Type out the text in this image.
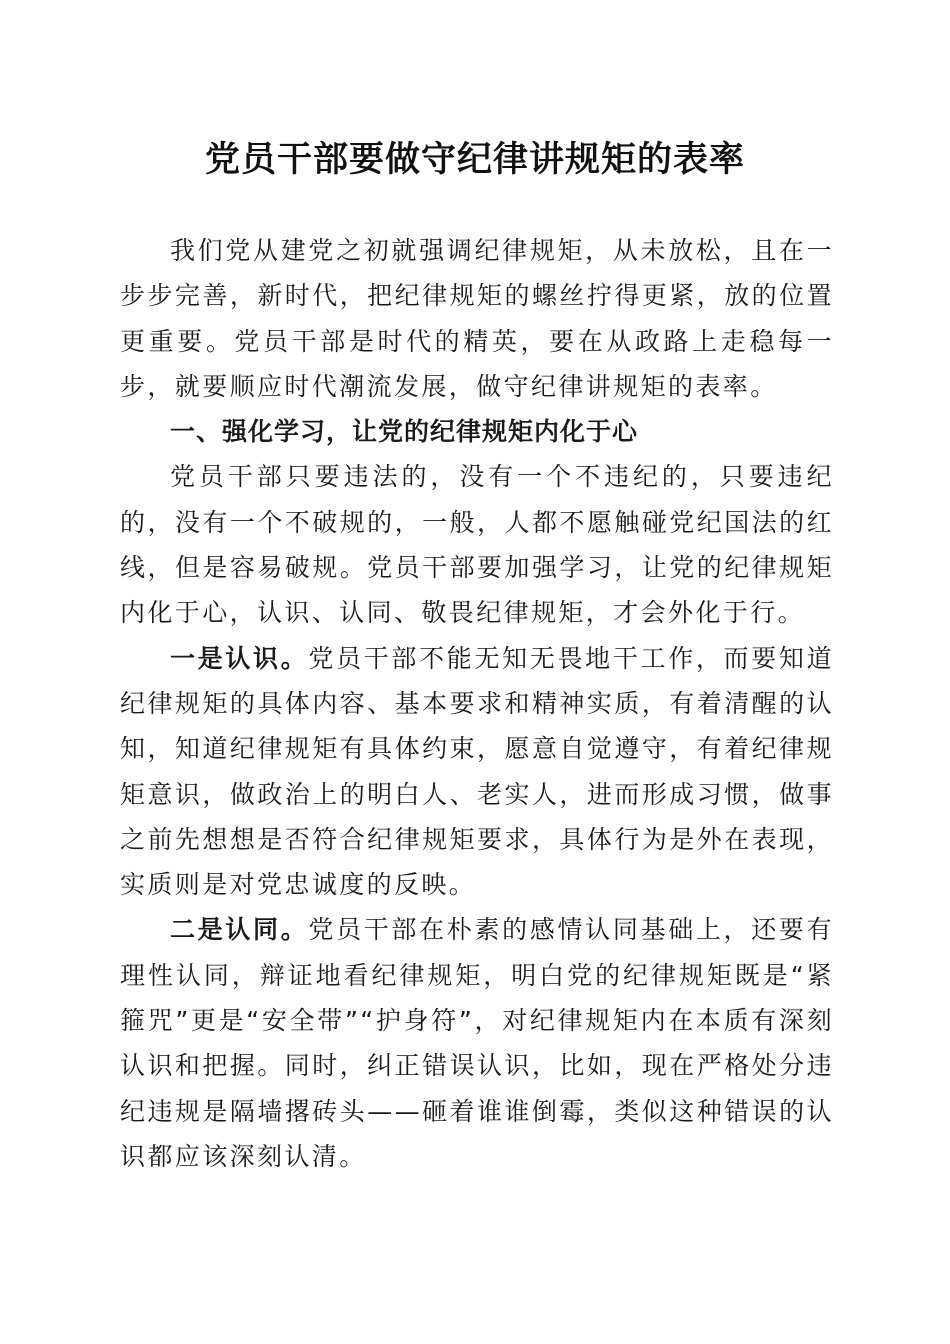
党员干部要做守纪律讲规矩的表率

我们党从建党之初就强调纪律规矩，从未放松，且在一步步完善，新时代，把纪律规矩的螺丝拧得更紧，放的位置更重要。党员干部是时代的精英，要在从政路上走稳每一步，就要顺应时代潮流发展，做守纪律讲规矩的表率。

一、强化学习，让党的纪律规矩内化于心

党员干部只要违法的，没有一个不违纪的，只要违纪的，没有一个不破规的，一般，人都不愿触碰党纪国法的红线，但是容易破规。党员干部要加强学习，让党的纪律规矩内化于心，认识、认同、敬畏纪律规矩，才会外化于行。

一是认识。党员干部不能无知无畏地干工作，而要知道纪律规矩的具体内容、基本要求和精神实质，有着清醒的认知，知道纪律规矩有具体约束，愿意自觉遵守，有着纪律规矩意识，做政治上的明白人、老实人，进而形成习惯，做事之前先想想是否符合纪律规矩要求，具体行为是外在表现，实质则是对党忠诚度的反映。

二是认同。党员干部在朴素的感情认同基础上，还要有理性认同，辩证地看纪律规矩，明白党的纪律规矩既是“紧箍咒”更是“安全带”“护身符”，对纪律规矩内在本质有深刻认识和把握。同时，纠正错误认识，比如，现在严格处分违纪违规是隔墙撂砖头——砸着谁谁倒霉，类似这种错误的认识都应该深刻认清。
